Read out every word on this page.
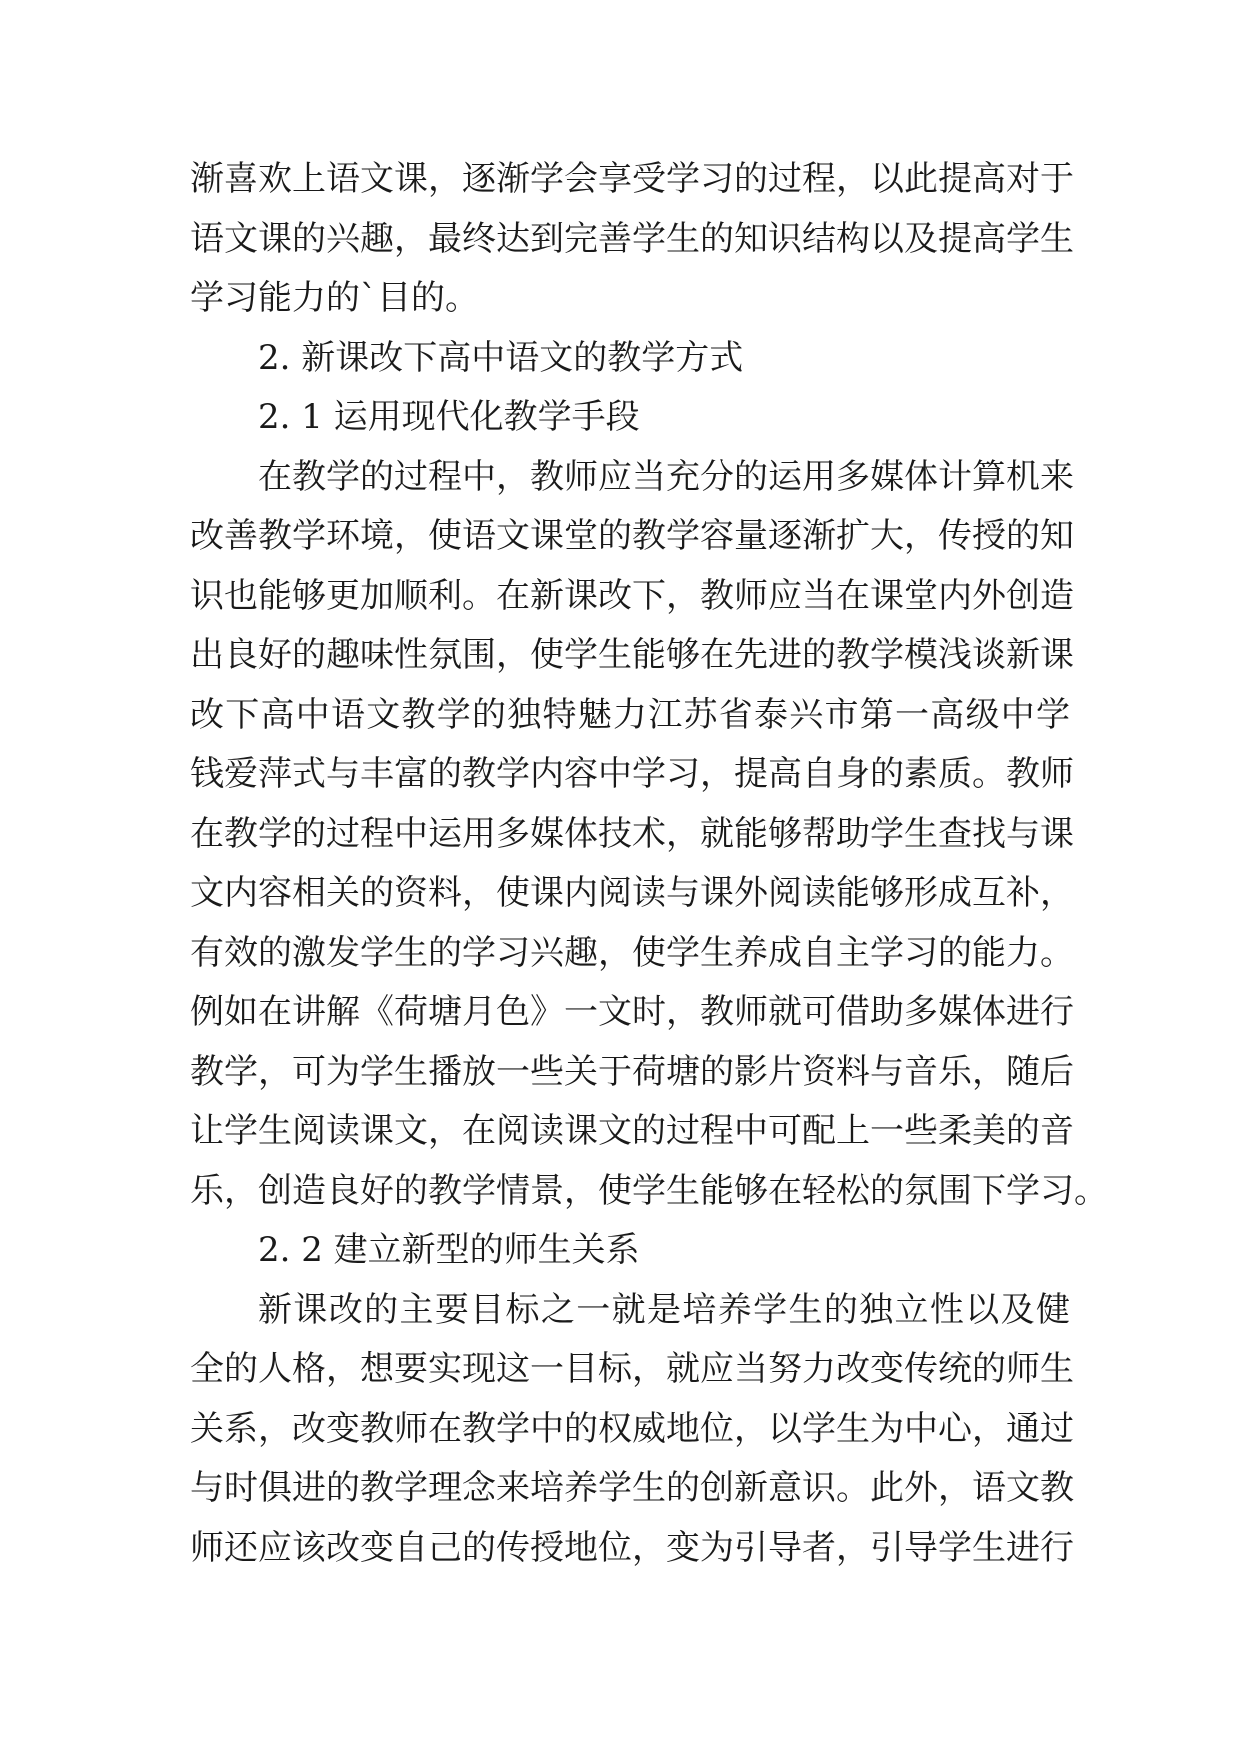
渐喜欢上语文课，逐渐学会享受学习的过程，以此提高对于
语文课的兴趣，最终达到完善学生的知识结构以及提高学生
学习能力的`目的。
2. 新课改下高中语文的教学方式
2. 1 运用现代化教学手段
在教学的过程中，教师应当充分的运用多媒体计算机来
改善教学环境，使语文课堂的教学容量逐渐扩大，传授的知
识也能够更加顺利。在新课改下，教师应当在课堂内外创造
出良好的趣味性氛围，使学生能够在先进的教学模浅谈新课
改下高中语文教学的独特魅力江苏省泰兴市第一高级中学
钱爱萍式与丰富的教学内容中学习，提高自身的素质。教师
在教学的过程中运用多媒体技术，就能够帮助学生查找与课
文内容相关的资料，使课内阅读与课外阅读能够形成互补，
有效的激发学生的学习兴趣，使学生养成自主学习的能力。
例如在讲解《荷塘月色》一文时，教师就可借助多媒体进行
教学，可为学生播放一些关于荷塘的影片资料与音乐，随后
让学生阅读课文，在阅读课文的过程中可配上一些柔美的音
乐，创造良好的教学情景，使学生能够在轻松的氛围下学习。
2. 2 建立新型的师生关系
新课改的主要目标之一就是培养学生的独立性以及健
全的人格，想要实现这一目标，就应当努力改变传统的师生
关系，改变教师在教学中的权威地位，以学生为中心，通过
与时俱进的教学理念来培养学生的创新意识。此外，语文教
师还应该改变自己的传授地位，变为引导者，引导学生进行
